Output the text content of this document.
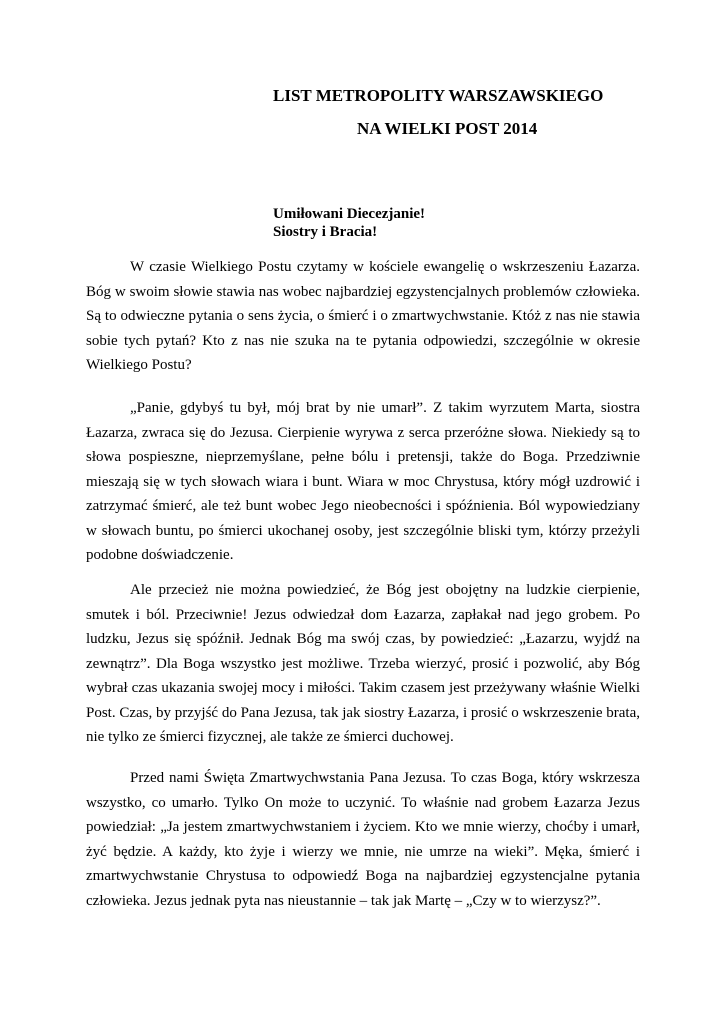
LIST METROPOLITY WARSZAWSKIEGO
NA WIELKI POST 2014
Umiłowani Diecezjanie!
Siostry i Bracia!

W czasie Wielkiego Postu czytamy w kościele ewangelię o wskrzeszeniu Łazarza. Bóg w swoim słowie stawia nas wobec najbardziej egzystencjalnych problemów człowieka. Są to odwieczne pytania o sens życia, o śmierć i o zmartwychwstanie. Któż z nas nie stawia sobie tych pytań? Kto z nas nie szuka na te pytania odpowiedzi, szczególnie w okresie Wielkiego Postu?

„Panie, gdybyś tu był, mój brat by nie umarł”. Z takim wyrzutem Marta, siostra Łazarza, zwraca się do Jezusa. Cierpienie wyrywa z serca przeróżne słowa. Niekiedy są to słowa pospieszne, nieprzemyślane, pełne bólu i pretensji, także do Boga. Przedziwnie mieszają się w tych słowach wiara i bunt. Wiara w moc Chrystusa, który mógł uzdrowić i zatrzymać śmierć, ale też bunt wobec Jego nieobecności i spóźnienia. Ból wypowiedziany w słowach buntu, po śmierci ukochanej osoby, jest szczególnie bliski tym, którzy przeżyli podobne doświadczenie.

Ale przecież nie można powiedzieć, że Bóg jest obojętny na ludzkie cierpienie, smutek i ból. Przeciwnie! Jezus odwiedzał dom Łazarza, zapłakał nad jego grobem. Po ludzku, Jezus się spóźnił. Jednak Bóg ma swój czas, by powiedzieć: „Łazarzu, wyjdź na zewnątrz”. Dla Boga wszystko jest możliwe. Trzeba wierzyć, prosić i pozwolić, aby Bóg wybrał czas ukazania swojej mocy i miłości. Takim czasem jest przeżywany właśnie Wielki Post. Czas, by przyjść do Pana Jezusa, tak jak siostry Łazarza, i prosić o wskrzeszenie brata, nie tylko ze śmierci fizycznej, ale także ze śmierci duchowej.

Przed nami Święta Zmartwychwstania Pana Jezusa. To czas Boga, który wskrzesza wszystko, co umarło. Tylko On może to uczynić. To właśnie nad grobem Łazarza Jezus powiedział: „Ja jestem zmartwychwstaniem i życiem. Kto we mnie wierzy, choćby i umarł, żyć będzie. A każdy, kto żyje i wierzy we mnie, nie umrze na wieki”. Męka, śmierć i zmartwychwstanie Chrystusa to odpowiedź Boga na najbardziej egzystencjalne pytania człowieka. Jezus jednak pyta nas nieustannie – tak jak Martę – „Czy w to wierzysz?”.
